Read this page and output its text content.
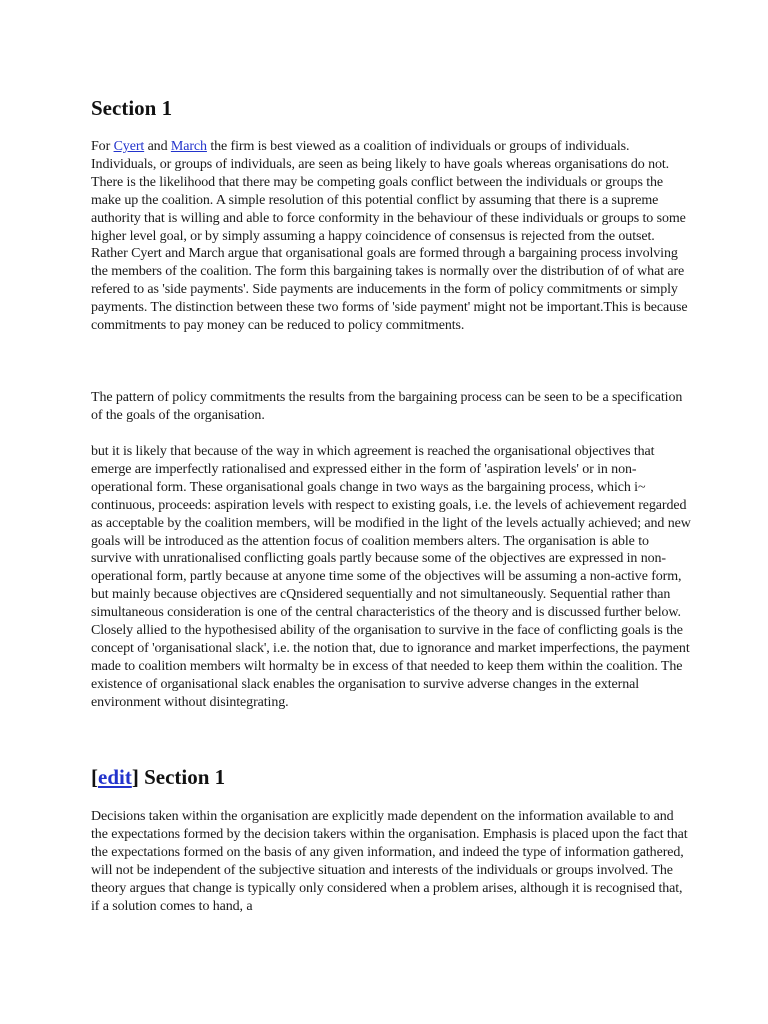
Section 1

For Cyert and March the firm is best viewed as a coalition of individuals or groups of individuals. Individuals, or groups of individuals, are seen as being likely to have goals whereas organisations do not. There is the likelihood that there may be competing goals conflict between the individuals or groups the make up the coalition. A simple resolution of this potential conflict by assuming that there is a supreme authority that is willing and able to force conformity in the behaviour of these individuals or groups to some higher level goal, or by simply assuming a happy coincidence of consensus is rejected from the outset. Rather Cyert and March argue that organisational goals are formed through a bargaining process involving the members of the coalition. The form this bargaining takes is normally over the distribution of of what are refered to as 'side payments'. Side payments are inducements in the form of policy commitments or simply payments. The distinction between these two forms of 'side payment' might not be important.This is because commitments to pay money can be reduced to policy commitments.

The pattern of policy commitments the results from the bargaining process can be seen to be a specification of the goals of the organisation.

but it is likely that because of the way in which agreement is reached the organisational objectives that emerge are imperfectly rationalised and expressed either in the form of 'aspiration levels' or in non-operational form. These organisational goals change in two ways as the bargaining process, which i~ continuous, proceeds: aspiration levels with respect to existing goals, i.e. the levels of achievement regarded as acceptable by the coalition members, will be modified in the light of the levels actually achieved; and new goals will be introduced as the attention focus of coalition members alters. The organisation is able to survive with unrationalised conflicting goals partly because some of the objectives are expressed in non-operational form, partly because at anyone time some of the objectives will be assuming a non-active form, but mainly because objectives are cQnsidered sequentially and not simultaneously. Sequential rather than simultaneous consideration is one of the central characteristics of the theory and is discussed further below. Closely allied to the hypothesised ability of the organisation to survive in the face of conflicting goals is the concept of 'organisational slack', i.e. the notion that, due to ignorance and market imperfections, the payment made to coalition members wilt hormalty be in excess of that needed to keep them within the coalition. The existence of organisational slack enables the organisation to survive adverse changes in the external environment without disintegrating.

[edit] Section 1

Decisions taken within the organisation are explicitly made dependent on the information available to and the expectations formed by the decision takers within the organisation. Emphasis is placed upon the fact that the expectations formed on the basis of any given information, and indeed the type of information gathered, will not be independent of the subjective situation and interests of the individuals or groups involved. The theory argues that change is typically only considered when a problem arises, although it is recognised that, if a solution comes to hand, a
